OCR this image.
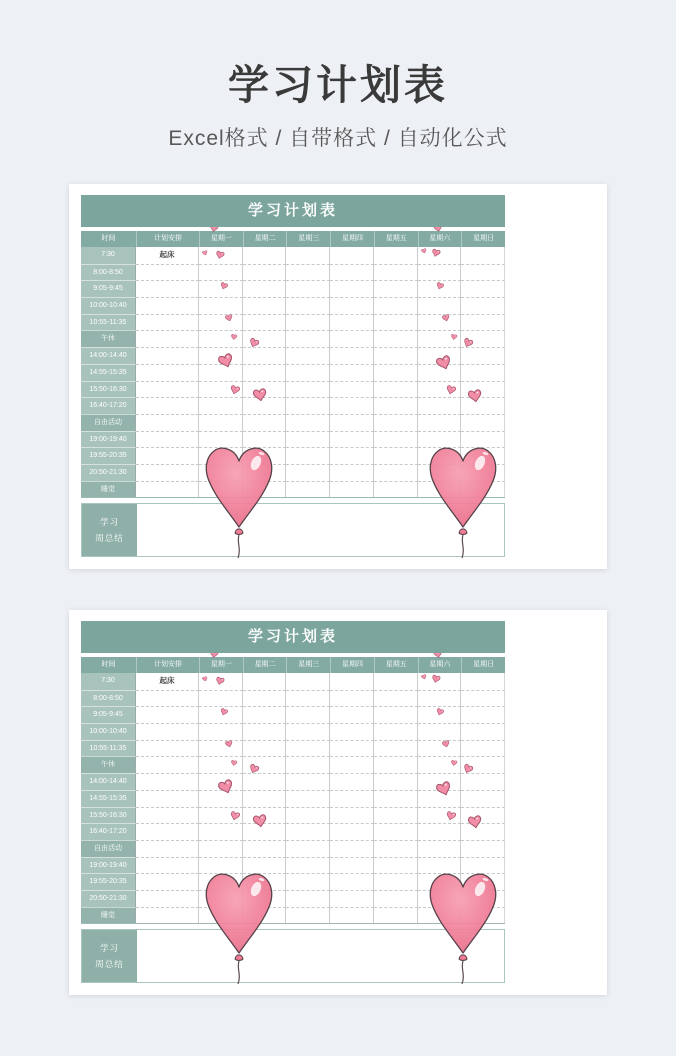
学习计划表

Excel格式 / 自带格式 / 自动化公式

学习计划表
时间	计划安排	星期一	星期二	星期三	星期四	星期五	星期六	星期日
7:30	起床
8:00-8:50
9:05-9:45
10:00-10:40
10:55-11:35
午休
14:00-14:40
14:55-15:35
15:50-16:30
16:40-17:20
自由活动
19:00-19:40
19:55-20:35
20:50-21:30
睡觉
学习
周总结
学习计划表
时间	计划安排	星期一	星期二	星期三	星期四	星期五	星期六	星期日
7:30	起床
8:00-8:50
9:05-9:45
10:00-10:40
10:55-11:35
午休
14:00-14:40
14:55-15:35
15:50-16:30
16:40-17:20
自由活动
19:00-19:40
19:55-20:35
20:50-21:30
睡觉
学习
周总结
